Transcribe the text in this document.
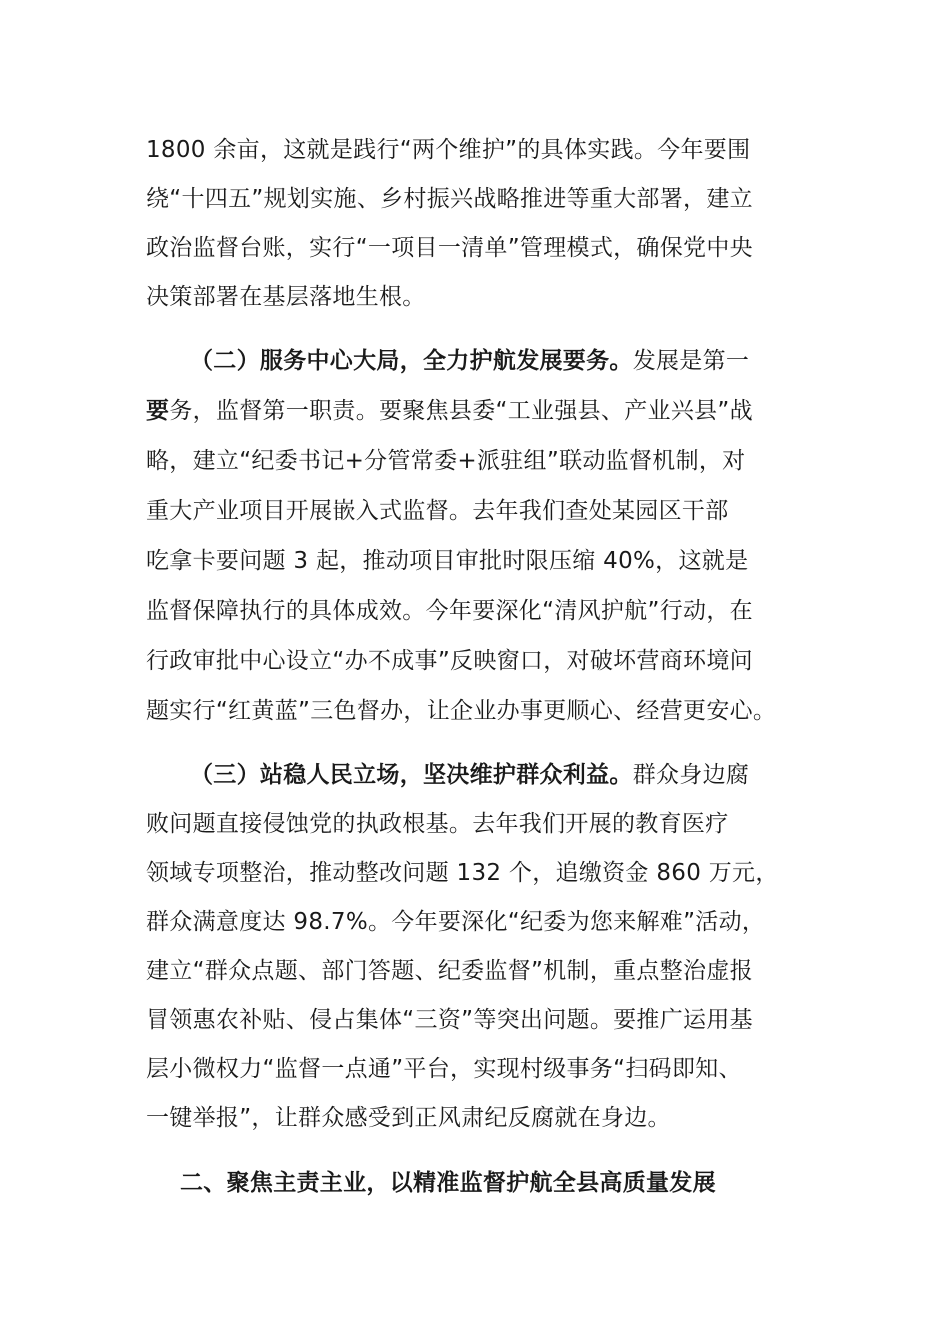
1800 余亩，这就是践行“两个维护”的具体实践。今年要围
绕“十四五”规划实施、乡村振兴战略推进等重大部署，建立
政治监督台账，实行“一项目一清单”管理模式，确保党中央
决策部署在基层落地生根。
（二）服务中心大局，全力护航发展要务。发展是第一
要务，监督第一职责。要聚焦县委“工业强县、产业兴县”战
略，建立“纪委书记+分管常委+派驻组”联动监督机制，对
重大产业项目开展嵌入式监督。去年我们查处某园区干部
吃拿卡要问题 3 起，推动项目审批时限压缩 40%，这就是
监督保障执行的具体成效。今年要深化“清风护航”行动，在
行政审批中心设立“办不成事”反映窗口，对破坏营商环境问
题实行“红黄蓝”三色督办，让企业办事更顺心、经营更安心。
（三）站稳人民立场，坚决维护群众利益。群众身边腐
败问题直接侵蚀党的执政根基。去年我们开展的教育医疗
领域专项整治，推动整改问题 132 个，追缴资金 860 万元，
群众满意度达 98.7%。今年要深化“纪委为您来解难”活动，
建立“群众点题、部门答题、纪委监督”机制，重点整治虚报
冒领惠农补贴、侵占集体“三资”等突出问题。要推广运用基
层小微权力“监督一点通”平台，实现村级事务“扫码即知、
一键举报”，让群众感受到正风肃纪反腐就在身边。
二、聚焦主责主业，以精准监督护航全县高质量发展
